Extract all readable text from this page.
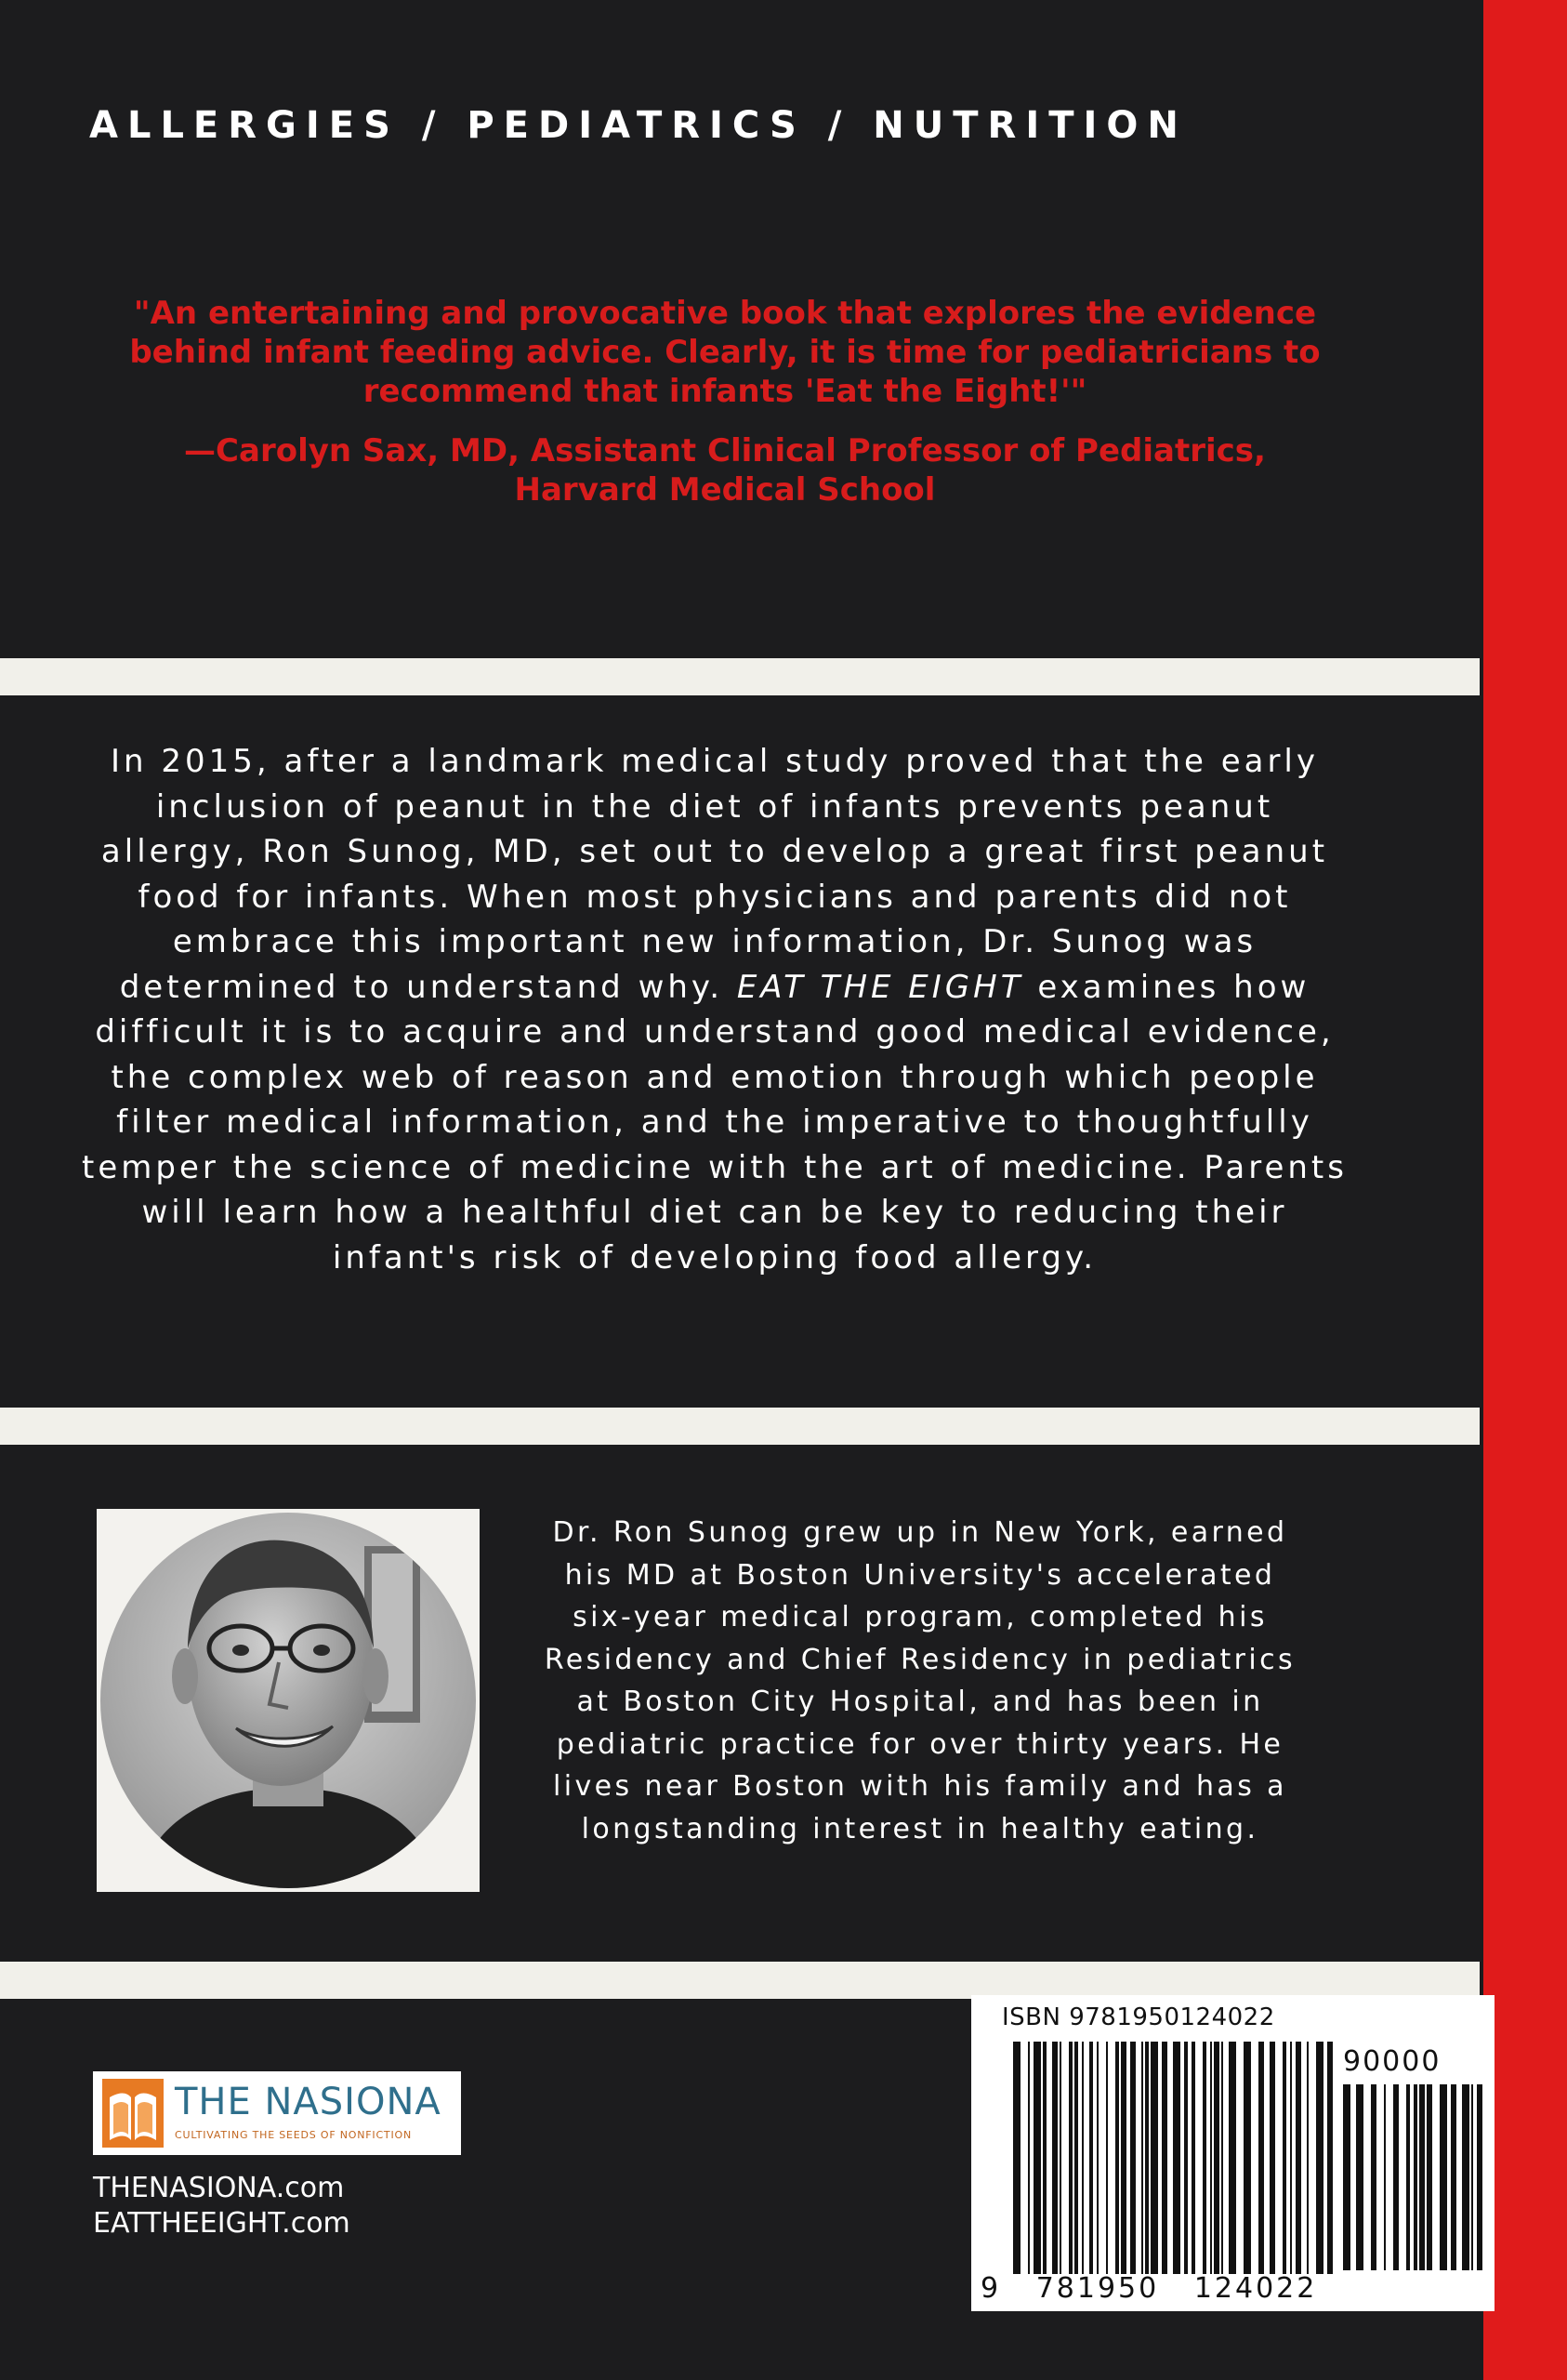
ALLERGIES / PEDIATRICS / NUTRITION
"An entertaining and provocative book that explores the evidence
behind infant feeding advice. Clearly, it is time for pediatricians to
recommend that infants 'Eat the Eight!'"
—Carolyn Sax, MD, Assistant Clinical Professor of Pediatrics,
Harvard Medical School
In 2015, after a landmark medical study proved that the early inclusion of peanut in the diet of infants prevents peanut allergy, Ron Sunog, MD, set out to develop a great first peanut food for infants. When most physicians and parents did not embrace this important new information, Dr. Sunog was determined to understand why. EAT THE EIGHT examines how difficult it is to acquire and understand good medical evidence, the complex web of reason and emotion through which people filter medical information, and the imperative to thoughtfully temper the science of medicine with the art of medicine. Parents will learn how a healthful diet can be key to reducing their infant's risk of developing food allergy.
Dr. Ron Sunog grew up in New York, earned his MD at Boston University's accelerated six-year medical program, completed his Residency and Chief Residency in pediatrics at Boston City Hospital, and has been in pediatric practice for over thirty years. He lives near Boston with his family and has a longstanding interest in healthy eating.
THE NASIONA
CULTIVATING THE SEEDS OF NONFICTION
THENASIONA.com
EATTHEEIGHT.com
ISBN 9781950124022
90000
9   781950   124022
